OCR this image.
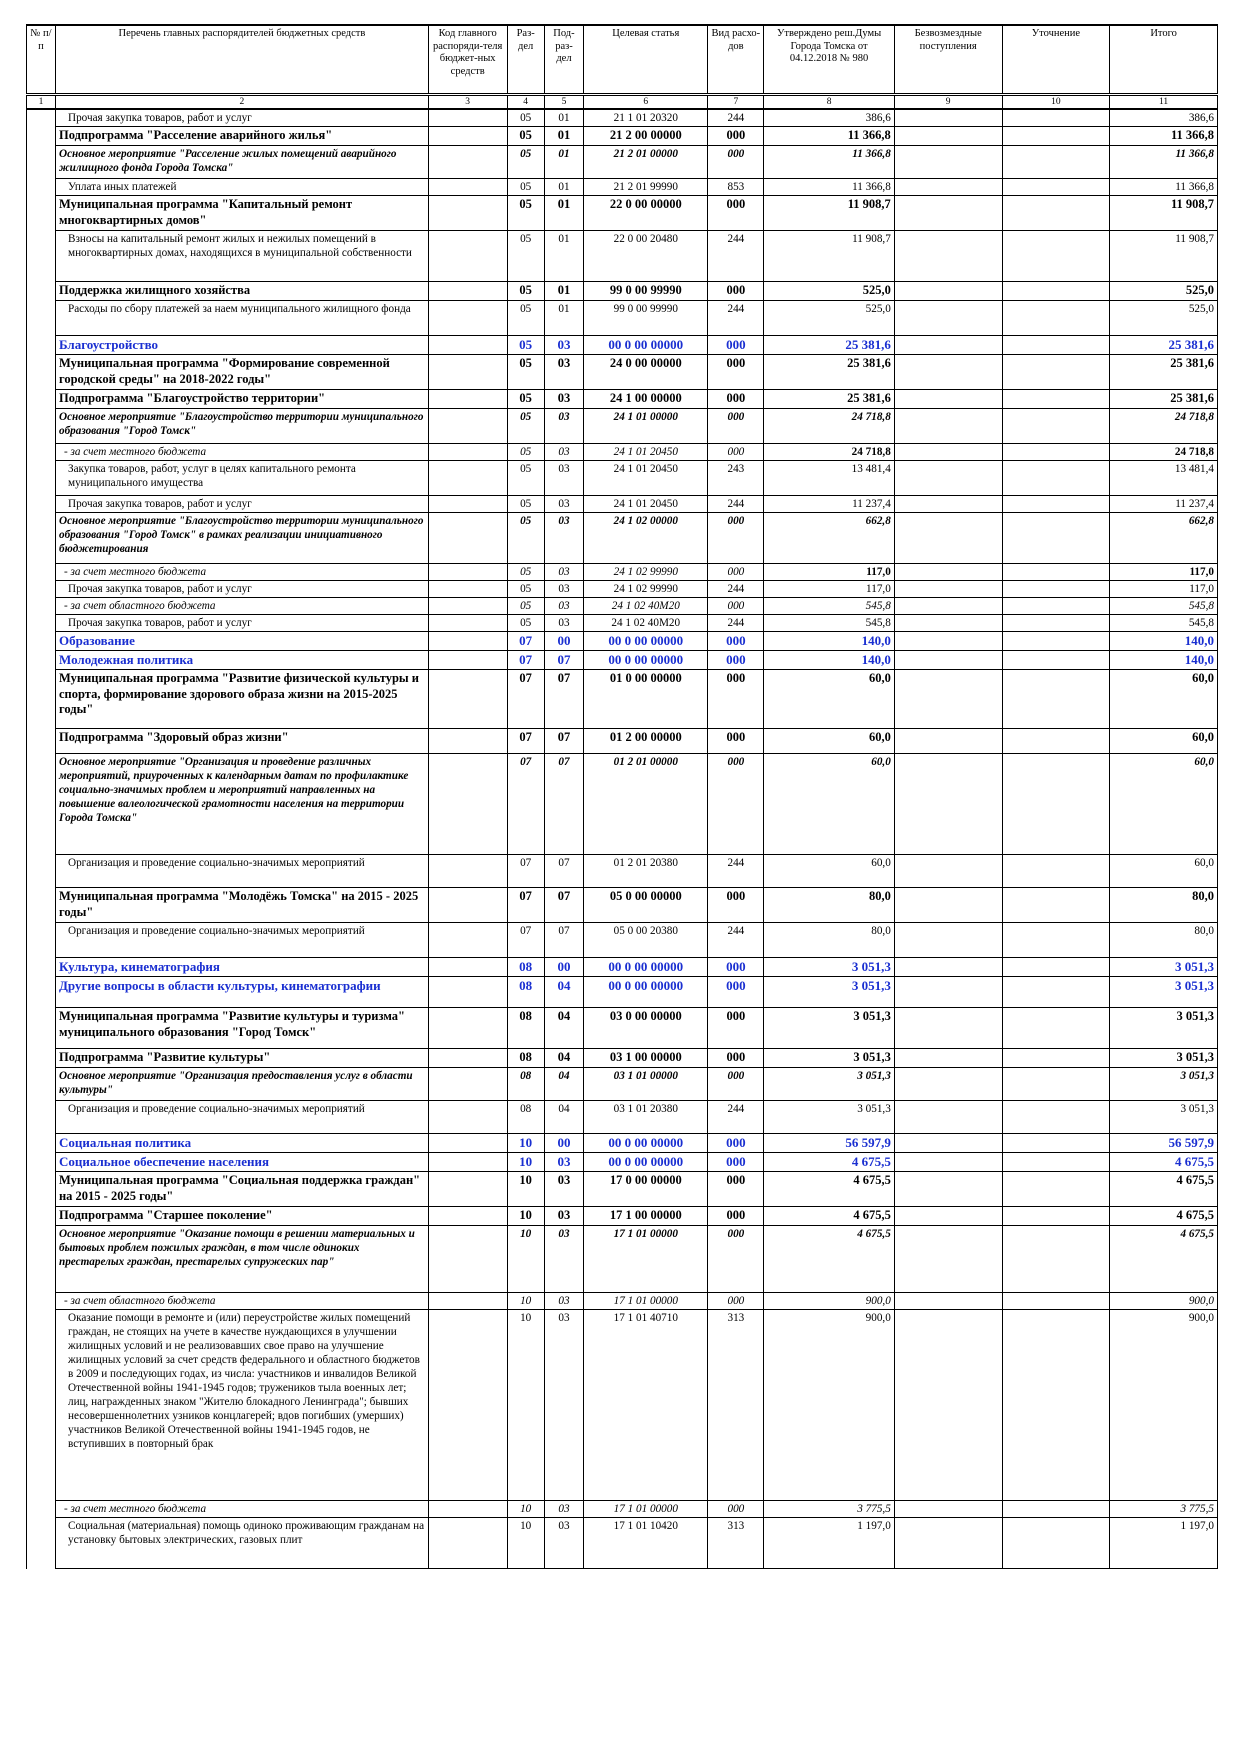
№ п/п	Перечень главных распорядителей бюджетных средств	Код главного распоряди-теля бюджет-ных средств	Раз-дел	Под-раз-дел	Целевая статья	Вид расхо-дов	Утверждено реш.Думы Города Томска от 04.12.2018 № 980	Безвозмездные поступления	Уточнение	Итого
1	2	3	4	5	6	7	8	9	10	11
	Прочая закупка товаров, работ и услуг		05	01	21 1 01 20320	244	386,6			386,6
	Подпрограмма "Расселение аварийного жилья"		05	01	21 2 00 00000	000	11 366,8			11 366,8
	Основное мероприятие "Расселение жилых помещений аварийного жилищного фонда Города Томска"		05	01	21 2 01 00000	000	11 366,8			11 366,8
	Уплата иных платежей		05	01	21 2 01 99990	853	11 366,8			11 366,8
	Муниципальная программа "Капитальный ремонт многоквартирных домов"		05	01	22 0 00 00000	000	11 908,7			11 908,7
	Взносы на капитальный ремонт жилых и нежилых помещений в многоквартирных домах, находящихся в муниципальной собственности		05	01	22 0 00 20480	244	11 908,7			11 908,7
	Поддержка жилищного хозяйства		05	01	99 0 00 99990	000	525,0			525,0
	Расходы по сбору платежей за наем муниципального жилищного фонда		05	01	99 0 00 99990	244	525,0			525,0
	Благоустройство		05	03	00 0 00 00000	000	25 381,6			25 381,6
	Муниципальная программа "Формирование современной городской среды" на 2018-2022 годы"		05	03	24 0 00 00000	000	25 381,6			25 381,6
	Подпрограмма "Благоустройство территории"		05	03	24 1 00 00000	000	25 381,6			25 381,6
	Основное мероприятие "Благоустройство территории муниципального образования "Город Томск"		05	03	24 1 01 00000	000	24 718,8			24 718,8
	- за счет местного бюджета		05	03	24 1 01 20450	000	24 718,8			24 718,8
	Закупка товаров, работ, услуг в целях капитального ремонта муниципального имущества		05	03	24 1 01 20450	243	13 481,4			13 481,4
	Прочая закупка товаров, работ и услуг		05	03	24 1 01 20450	244	11 237,4			11 237,4
	Основное мероприятие "Благоустройство территории муниципального образования "Город Томск" в рамках реализации инициативного бюджетирования		05	03	24 1 02 00000	000	662,8			662,8
	- за счет местного бюджета		05	03	24 1 02 99990	000	117,0			117,0
	Прочая закупка товаров, работ и услуг		05	03	24 1 02 99990	244	117,0			117,0
	- за счет областного бюджета		05	03	24 1 02 40М20	000	545,8			545,8
	Прочая закупка товаров, работ и услуг		05	03	24 1 02 40М20	244	545,8			545,8
	Образование		07	00	00 0 00 00000	000	140,0			140,0
	Молодежная политика		07	07	00 0 00 00000	000	140,0			140,0
	Муниципальная программа "Развитие физической культуры и спорта, формирование здорового образа жизни на 2015-2025 годы"		07	07	01 0 00 00000	000	60,0			60,0
	Подпрограмма "Здоровый образ жизни"		07	07	01 2 00 00000	000	60,0			60,0
	Основное мероприятие "Организация и проведение различных мероприятий, приуроченных к календарным датам по профилактике социально-значимых проблем и мероприятий направленных на повышение валеологической грамотности населения на территории Города Томска"		07	07	01 2 01 00000	000	60,0			60,0
	Организация и проведение социально-значимых мероприятий		07	07	01 2 01 20380	244	60,0			60,0
	Муниципальная программа "Молодёжь Томска" на 2015 - 2025 годы"		07	07	05 0 00 00000	000	80,0			80,0
	Организация и проведение социально-значимых мероприятий		07	07	05 0 00 20380	244	80,0			80,0
	Культура, кинематография		08	00	00 0 00 00000	000	3 051,3			3 051,3
	Другие вопросы в области культуры, кинематографии		08	04	00 0 00 00000	000	3 051,3			3 051,3
	Муниципальная программа "Развитие культуры и туризма" муниципального образования "Город Томск"		08	04	03 0 00 00000	000	3 051,3			3 051,3
	Подпрограмма "Развитие культуры"		08	04	03 1 00 00000	000	3 051,3			3 051,3
	Основное мероприятие "Организация предоставления услуг в области культуры"		08	04	03 1 01 00000	000	3 051,3			3 051,3
	Организация и проведение социально-значимых мероприятий		08	04	03 1 01 20380	244	3 051,3			3 051,3
	Социальная политика		10	00	00 0 00 00000	000	56 597,9			56 597,9
	Социальное обеспечение населения		10	03	00 0 00 00000	000	4 675,5			4 675,5
	Муниципальная программа "Социальная поддержка граждан" на 2015 - 2025 годы"		10	03	17 0 00 00000	000	4 675,5			4 675,5
	Подпрограмма "Старшее поколение"		10	03	17 1 00 00000	000	4 675,5			4 675,5
	Основное мероприятие "Оказание помощи в решении материальных и бытовых проблем пожилых граждан, в том числе одиноких престарелых граждан, престарелых супружеских пар"		10	03	17 1 01 00000	000	4 675,5			4 675,5
	- за счет областного бюджета		10	03	17 1 01 00000	000	900,0			900,0
	Оказание помощи в ремонте и (или) переустройстве жилых помещений граждан, не стоящих на учете в качестве нуждающихся в улучшении жилищных условий и не реализовавших свое право на улучшение жилищных условий за счет средств федерального и областного бюджетов в 2009 и последующих годах, из числа: участников и инвалидов Великой Отечественной войны 1941-1945 годов; тружеников тыла военных лет; лиц, награжденных знаком "Жителю блокадного Ленинграда"; бывших несовершеннолетних узников концлагерей; вдов погибших (умерших) участников Великой Отечественной войны 1941-1945 годов, не вступивших в повторный брак		10	03	17 1 01 40710	313	900,0			900,0
	- за счет местного бюджета		10	03	17 1 01 00000	000	3 775,5			3 775,5
	Социальная (материальная) помощь одиноко проживающим гражданам на установку бытовых электрических, газовых плит		10	03	17 1 01 10420	313	1 197,0			1 197,0
